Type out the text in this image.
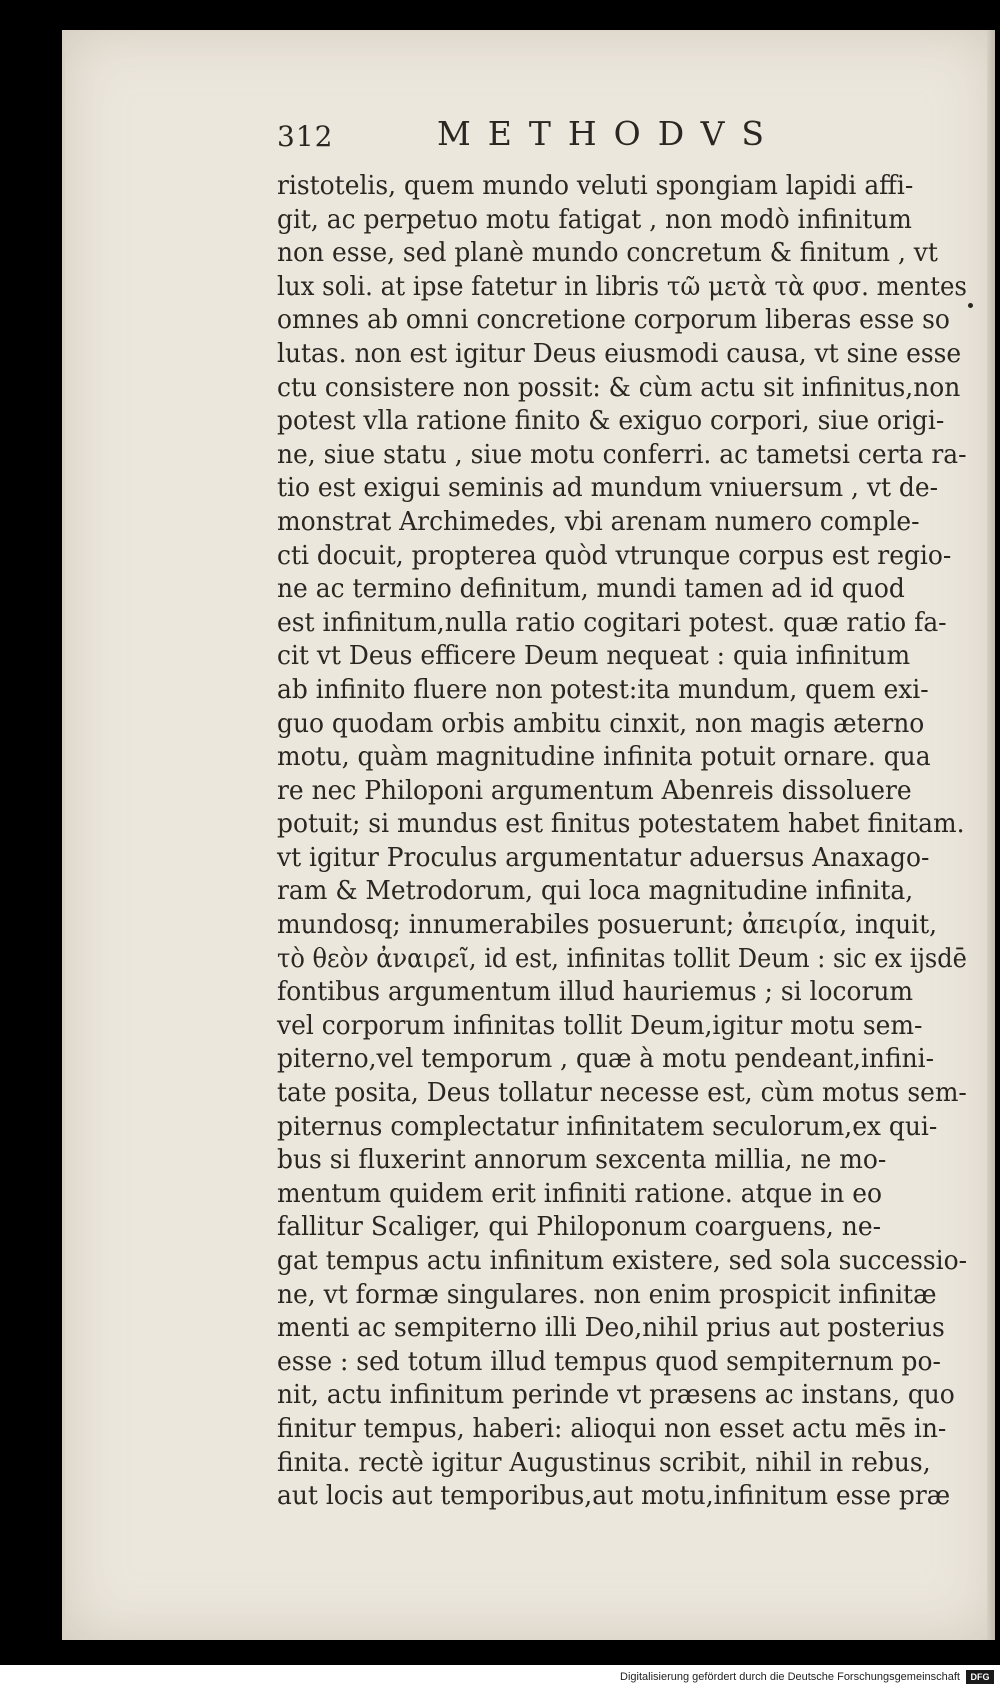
312	METHODVS
ristotelis, quem mundo veluti spongiam lapidi affi-
git, ac perpetuo motu fatigat , non modò infinitum
non esse, sed planè mundo concretum & finitum , vt
lux soli. at ipse fatetur in libris τῶ μετὰ τὰ φυσ. mentes
omnes ab omni concretione corporum liberas esse so
lutas. non est igitur Deus eiusmodi causa, vt sine esse
ctu consistere non possit: & cùm actu sit infinitus,non
potest vlla ratione finito & exiguo corpori, siue origi-
ne, siue statu , siue motu conferri. ac tametsi certa ra-
tio est exigui seminis ad mundum vniuersum , vt de-
monstrat Archimedes, vbi arenam numero comple-
cti docuit, propterea quòd vtrunque corpus est regio-
ne ac termino definitum, mundi tamen ad id quod
est infinitum,nulla ratio cogitari potest. quæ ratio fa-
cit vt Deus efficere Deum nequeat : quia infinitum
ab infinito fluere non potest:ita mundum, quem exi-
guo quodam orbis ambitu cinxit, non magis æterno
motu, quàm magnitudine infinita potuit ornare. qua
re nec Philoponi argumentum Abenreis dissoluere
potuit; si mundus est finitus potestatem habet finitam.
vt igitur Proculus argumentatur aduersus Anaxago-
ram & Metrodorum, qui loca magnitudine infinita,
mundosq; innumerabiles posuerunt; ἀπειρία, inquit,
τὸ θεὸν ἀναιρεῖ, id est, infinitas tollit Deum : sic ex ijsdē
fontibus argumentum illud hauriemus ; si locorum
vel corporum infinitas tollit Deum,igitur motu sem-
piterno,vel temporum , quæ à motu pendeant,infini-
tate posita, Deus tollatur necesse est, cùm motus sem-
piternus complectatur infinitatem seculorum,ex qui-
bus si fluxerint annorum sexcenta millia, ne mo-
mentum quidem erit infiniti ratione. atque in eo
fallitur Scaliger, qui Philoponum coarguens, ne-
gat tempus actu infinitum existere, sed sola successio-
ne, vt formæ singulares. non enim prospicit infinitæ
menti ac sempiterno illi Deo,nihil prius aut posterius
esse : sed totum illud tempus quod sempiternum po-
nit, actu infinitum perinde vt præsens ac instans, quo
finitur tempus, haberi: alioqui non esset actu mēs in-
finita. rectè igitur Augustinus scribit, nihil in rebus,
aut locis aut temporibus,aut motu,infinitum esse præ
Digitalisierung gefördert durch die Deutsche Forschungsgemeinschaft	DFG
